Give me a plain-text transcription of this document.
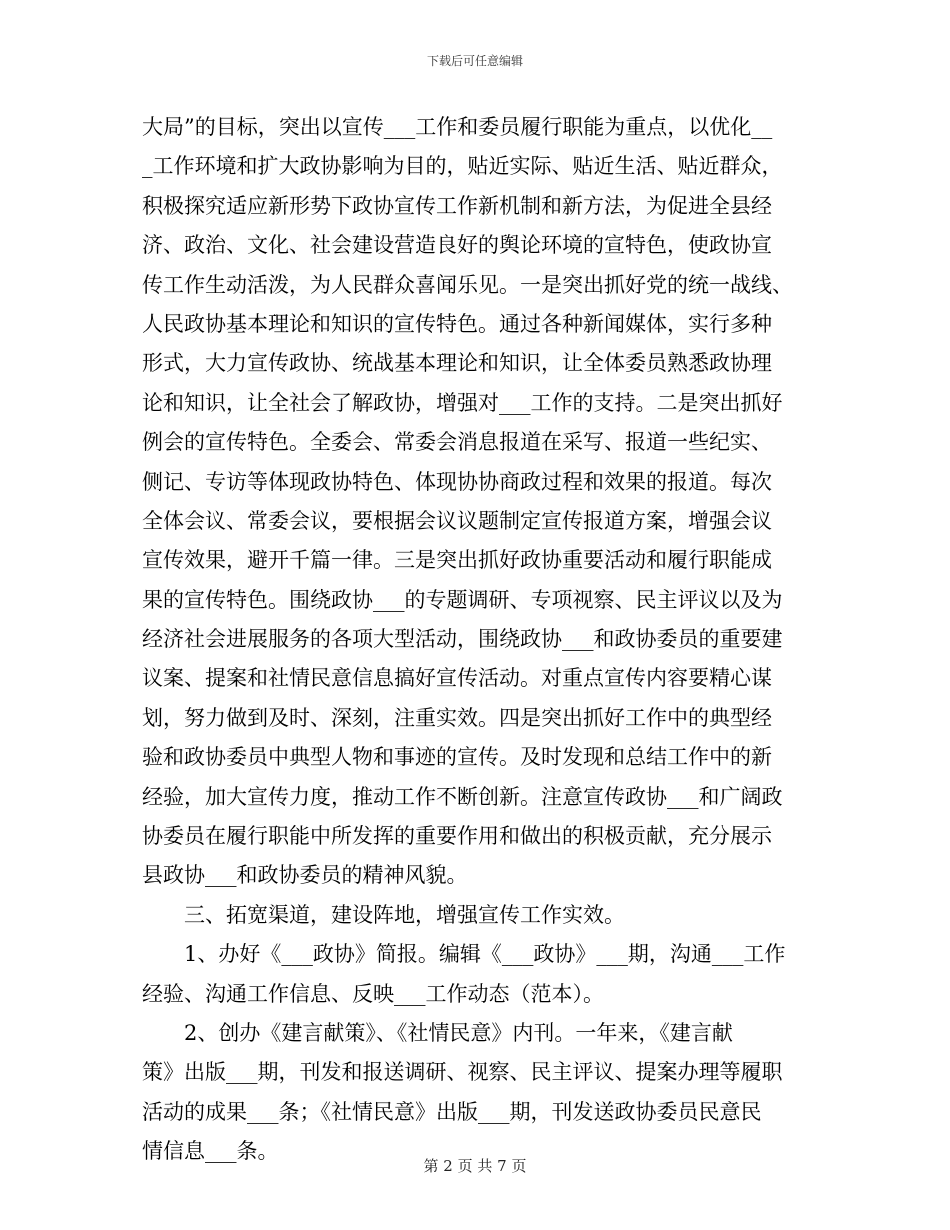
下载后可任意编辑
大局”的目标，突出以宣传___工作和委员履行职能为重点，以优化__
_工作环境和扩大政协影响为目的，贴近实际、贴近生活、贴近群众，
积极探究适应新形势下政协宣传工作新机制和新方法，为促进全县经
济、政治、文化、社会建设营造良好的舆论环境的宣特色，使政协宣
传工作生动活泼，为人民群众喜闻乐见。一是突出抓好党的统一战线、
人民政协基本理论和知识的宣传特色。通过各种新闻媒体，实行多种
形式，大力宣传政协、统战基本理论和知识，让全体委员熟悉政协理
论和知识，让全社会了解政协，增强对___工作的支持。二是突出抓好
例会的宣传特色。全委会、常委会消息报道在采写、报道一些纪实、
侧记、专访等体现政协特色、体现协协商政过程和效果的报道。每次
全体会议、常委会议，要根据会议议题制定宣传报道方案，增强会议
宣传效果，避开千篇一律。三是突出抓好政协重要活动和履行职能成
果的宣传特色。围绕政协___的专题调研、专项视察、民主评议以及为
经济社会进展服务的各项大型活动，围绕政协___和政协委员的重要建
议案、提案和社情民意信息搞好宣传活动。对重点宣传内容要精心谋
划，努力做到及时、深刻，注重实效。四是突出抓好工作中的典型经
验和政协委员中典型人物和事迹的宣传。及时发现和总结工作中的新
经验，加大宣传力度，推动工作不断创新。注意宣传政协___和广阔政
协委员在履行职能中所发挥的重要作用和做出的积极贡献，充分展示
县政协___和政协委员的精神风貌。
三、拓宽渠道，建设阵地，增强宣传工作实效。
1、办好《___政协》简报。编辑《___政协》___期，沟通___工作
经验、沟通工作信息、反映___工作动态（范本）。
2、创办《建言献策》、《社情民意》内刊。一年来，《建言献
策》出版___期，刊发和报送调研、视察、民主评议、提案办理等履职
活动的成果___条；《社情民意》出版___期，刊发送政协委员民意民
情信息___条。
第 2 页 共 7 页
